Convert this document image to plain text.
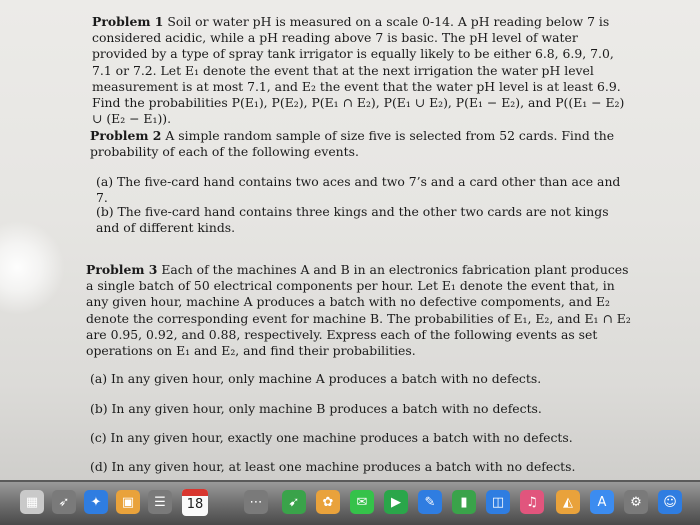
Problem 1 Soil or water pH is measured on a scale 0-14. A pH reading below 7 is considered acidic, while a pH reading above 7 is basic. The pH level of water provided by a type of spray tank irrigator is equally likely to be either 6.8, 6.9, 7.0, 7.1 or 7.2. Let E₁ denote the event that at the next irrigation the water pH level measurement is at most 7.1, and E₂ the event that the water pH level is at least 6.9. Find the probabilities P(E₁), P(E₂), P(E₁ ∩ E₂), P(E₁ ∪ E₂), P(E₁ − E₂), and P((E₁ − E₂) ∪ (E₂ − E₁)).
Problem 2 A simple random sample of size five is selected from 52 cards. Find the probability of each of the following events.
(a) The five-card hand contains two aces and two 7’s and a card other than ace and 7.
(b) The five-card hand contains three kings and the other two cards are not kings and of different kinds.
Problem 3 Each of the machines A and B in an electronics fabrication plant produces a single batch of 50 electrical components per hour. Let E₁ denote the event that, in any given hour, machine A produces a batch with no defective compoments, and E₂ denote the corresponding event for machine B. The probabilities of E₁, E₂, and E₁ ∩ E₂ are 0.95, 0.92, and 0.88, respectively. Express each of the following events as set operations on E₁ and E₂, and find their probabilities.
(a) In any given hour, only machine A produces a batch with no defects.
(b) In any given hour, only machine B produces a batch with no defects.
(c) In any given hour, exactly one machine produces a batch with no defects.
(d) In any given hour, at least one machine produces a batch with no defects.
▦	➶	✦	▣	☰	18	⋯	➹	✿	✉	▶	✎	▮	◫	♫	◭	A	⚙	☺
